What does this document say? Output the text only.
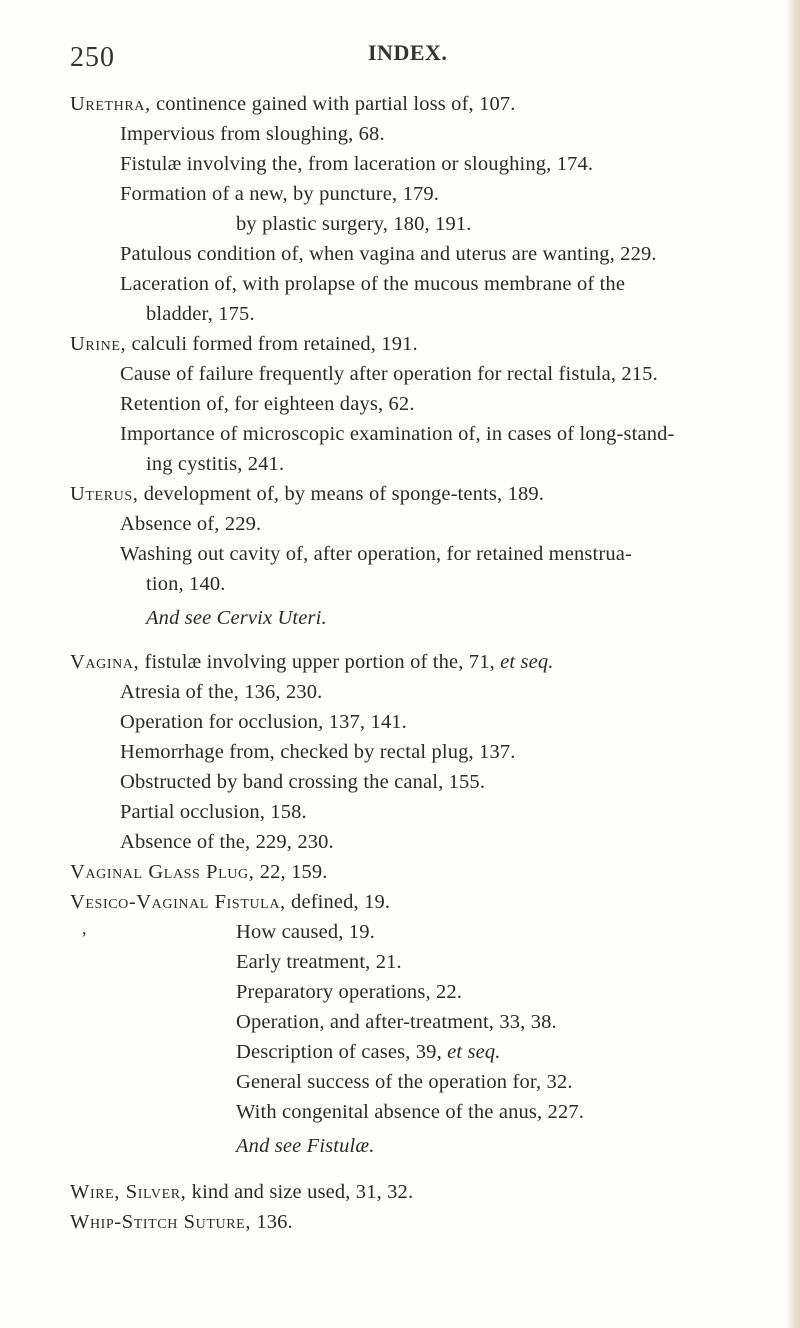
250	INDEX.
Urethra, continence gained with partial loss of, 107.
Impervious from sloughing, 68.
Fistulæ involving the, from laceration or sloughing, 174.
Formation of a new, by puncture, 179.
by plastic surgery, 180, 191.
Patulous condition of, when vagina and uterus are wanting, 229.
Laceration of, with prolapse of the mucous membrane of the
bladder, 175.
Urine, calculi formed from retained, 191.
Cause of failure frequently after operation for rectal fistula, 215.
Retention of, for eighteen days, 62.
Importance of microscopic examination of, in cases of long-stand-
ing cystitis, 241.
Uterus, development of, by means of sponge-tents, 189.
Absence of, 229.
Washing out cavity of, after operation, for retained menstrua-
tion, 140.
And see Cervix Uteri.
Vagina, fistulæ involving upper portion of the, 71, et seq.
Atresia of the, 136, 230.
Operation for occlusion, 137, 141.
Hemorrhage from, checked by rectal plug, 137.
Obstructed by band crossing the canal, 155.
Partial occlusion, 158.
Absence of the, 229, 230.
Vaginal Glass Plug, 22, 159.
Vesico-Vaginal Fistula, defined, 19.
,	How caused, 19.
Early treatment, 21.
Preparatory operations, 22.
Operation, and after-treatment, 33, 38.
Description of cases, 39, et seq.
General success of the operation for, 32.
With congenital absence of the anus, 227.
And see Fistulæ.
Wire, Silver, kind and size used, 31, 32.
Whip-Stitch Suture, 136.
